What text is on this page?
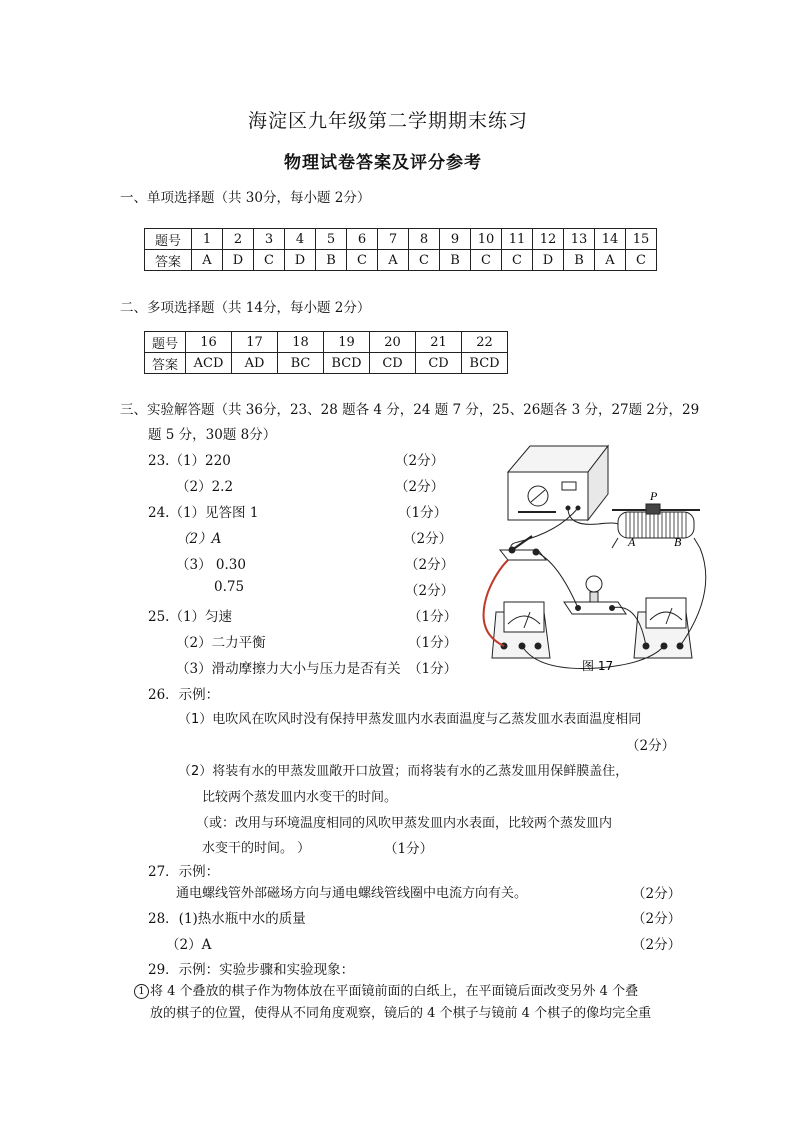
海淀区九年级第二学期期末练习
物理试卷答案及评分参考
一、单项选择题（共 30分，每小题 2分）
题号	1	2	3	4	5	6	7	8	9	10	11	12	13	14	15
答案	A	D	C	D	B	C	A	C	B	C	C	D	B	A	C
二、多项选择题（共 14分，每小题 2分）
题号	16	17	18	19	20	21	22
答案	ACD	AD	BC	BCD	CD	CD	BCD
三、实验解答题（共 36分，23、28 题各 4 分，24 题 7 分，25、26题各 3 分，27题 2分，29
题 5 分，30题 8分）
23.（1）220	（2分）
（2）2.2	（2分）
24.（1）见答图 1	（1分）
（2）A	（2分）
（3） 0.30	（2分）
0.75	（2分）
25.（1）匀速	（1分）
（2）二力平衡	（1分）
（3）滑动摩擦力大小与压力是否有关 （1分）
P
A	B
图 17
26．示例：
（1）电吹风在吹风时没有保持甲蒸发皿内水表面温度与乙蒸发皿水表面温度相同
（2分）
（2）将装有水的甲蒸发皿敞开口放置；而将装有水的乙蒸发皿用保鲜膜盖住，
比较两个蒸发皿内水变干的时间。
（或：改用与环境温度相同的风吹甲蒸发皿内水表面，比较两个蒸发皿内
水变干的时间。 ）	（1分）
27．示例：
通电螺线管外部磁场方向与通电螺线管线圈中电流方向有关。	（2分）
28．(1)热水瓶中水的质量	（2分）
（2）A	（2分）
29．示例：实验步骤和实验现象：
1 将 4 个叠放的棋子作为物体放在平面镜前面的白纸上，在平面镜后面改变另外 4 个叠
放的棋子的位置，使得从不同角度观察，镜后的 4 个棋子与镜前 4 个棋子的像均完全重
